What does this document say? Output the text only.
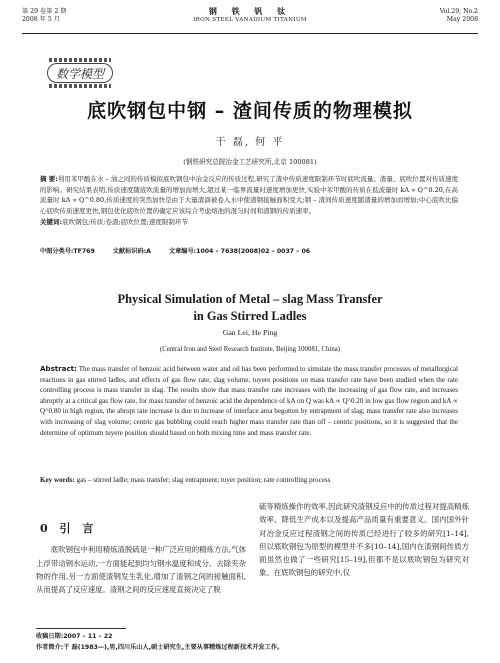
第 29 卷第 2 期
2008 年 5 月
钢 铁 钒 钛
IRON STEEL VANADIUM TITANIUM
Vol.29, No.2
May 2008
数学模型
底吹钢包中钢 – 渣间传质的物理模拟
干 磊, 何 平
(钢铁研究总院冶金工艺研究所,北京 100081)

摘 要:利用苯甲酸在水 – 油之间的传质模拟底吹钢包中冶金反应的传质过程,研究了渣中传质速度限制环节时底吹流量、渣量、底吹位置对传质速度的影响。研究结果表明,传质速度随底吹流量的增加而增大,超过某一临界流量时速度增加更快,实验中苯甲酸的传质在低流量时 kA ∝ Q^0.20,在高流量时 kA ∝ Q^0.80,传质速度的突然加快是由于大量渣滴被卷入水中使渣钢接触面积变大;钢 – 渣间传质速度随渣量的增加而增加;中心底吹比偏心底吹传质速度更快,钢包优化底吹位置的确定应该综合考虑熔池的混匀时间和渣钢的传质速率。

关键词:底吹钢包;传质;卷渣;底吹位置;速度限制环节

中图分类号:TF769	文献标识码:A	文章编号:1004 – 7638(2008)02 – 0037 – 06
Physical Simulation of Metal – slag Mass Transfer
in Gas Stirred Ladles
Gan Lei, He Ping
(Central Iron and Steel Research Institute, Beijing 100081, China)
Abstract: The mass transfer of benzoic acid between water and oil has been performed to simulate the mass transfer processes of metallurgical reactions in gas stirred ladles, and effects of gas flow rate, slag volume, tuyere positions on mass transfer rate have been studied when the rate controlling process is mass transfer in slag. The results show that mass transfer rate increases with the increasing of gas flow rate, and increases abruptly at a critical gas flow rate, for mass transfer of benzoic acid the dependence of kA on Q was kA ∝ Q^0.20 in low gas flow region and kA ∝ Q^0.80 in high region, the abrupt rate increase is due to increase of interface area begotten by entrapment of slag; mass transfer rate also increases with increasing of slag volume; centric gas bubbling could reach higher mass transfer rate than off – centric positions, so it is suggested that the determine of optimum tuyere position should based on both mixing time and mass transfer rate.
Key words: gas – stirred ladle; mass transfer; slag entrapment; tuyer position; rate controlling process
0 引 言

底吹钢包中利用精炼渣脱硫是一种广泛应用的精炼方法,气体上浮带动钢水运动,一方面能起到均匀钢水温度和成分、去除夹杂物的作用,另一方面使渣钢发生乳化,增加了渣钢之间的接触面积,从而提高了反应速度。渣钢之间的反应速度直接决定了脱

硫等精炼操作的效率,因此研究渣钢反应中的传质过程对提高精炼效率、降低生产成本以及提高产品质量有重要意义。国内国外针对冶金反应过程渣钢之间的传质已经进行了较多的研究[1–14],但以底吹钢包为原型的模型并不多[10–14],国内在渣钢间传质方面虽然也做了一些研究[15–19],但都不是以底吹钢包为研究对象。在底吹钢包的研究中,仅

收稿日期:2007 – 11 – 22
作者简介:干 磊(1983—),男,四川乐山人,硕士研究生,主要从事精炼过程新技术开发工作。
